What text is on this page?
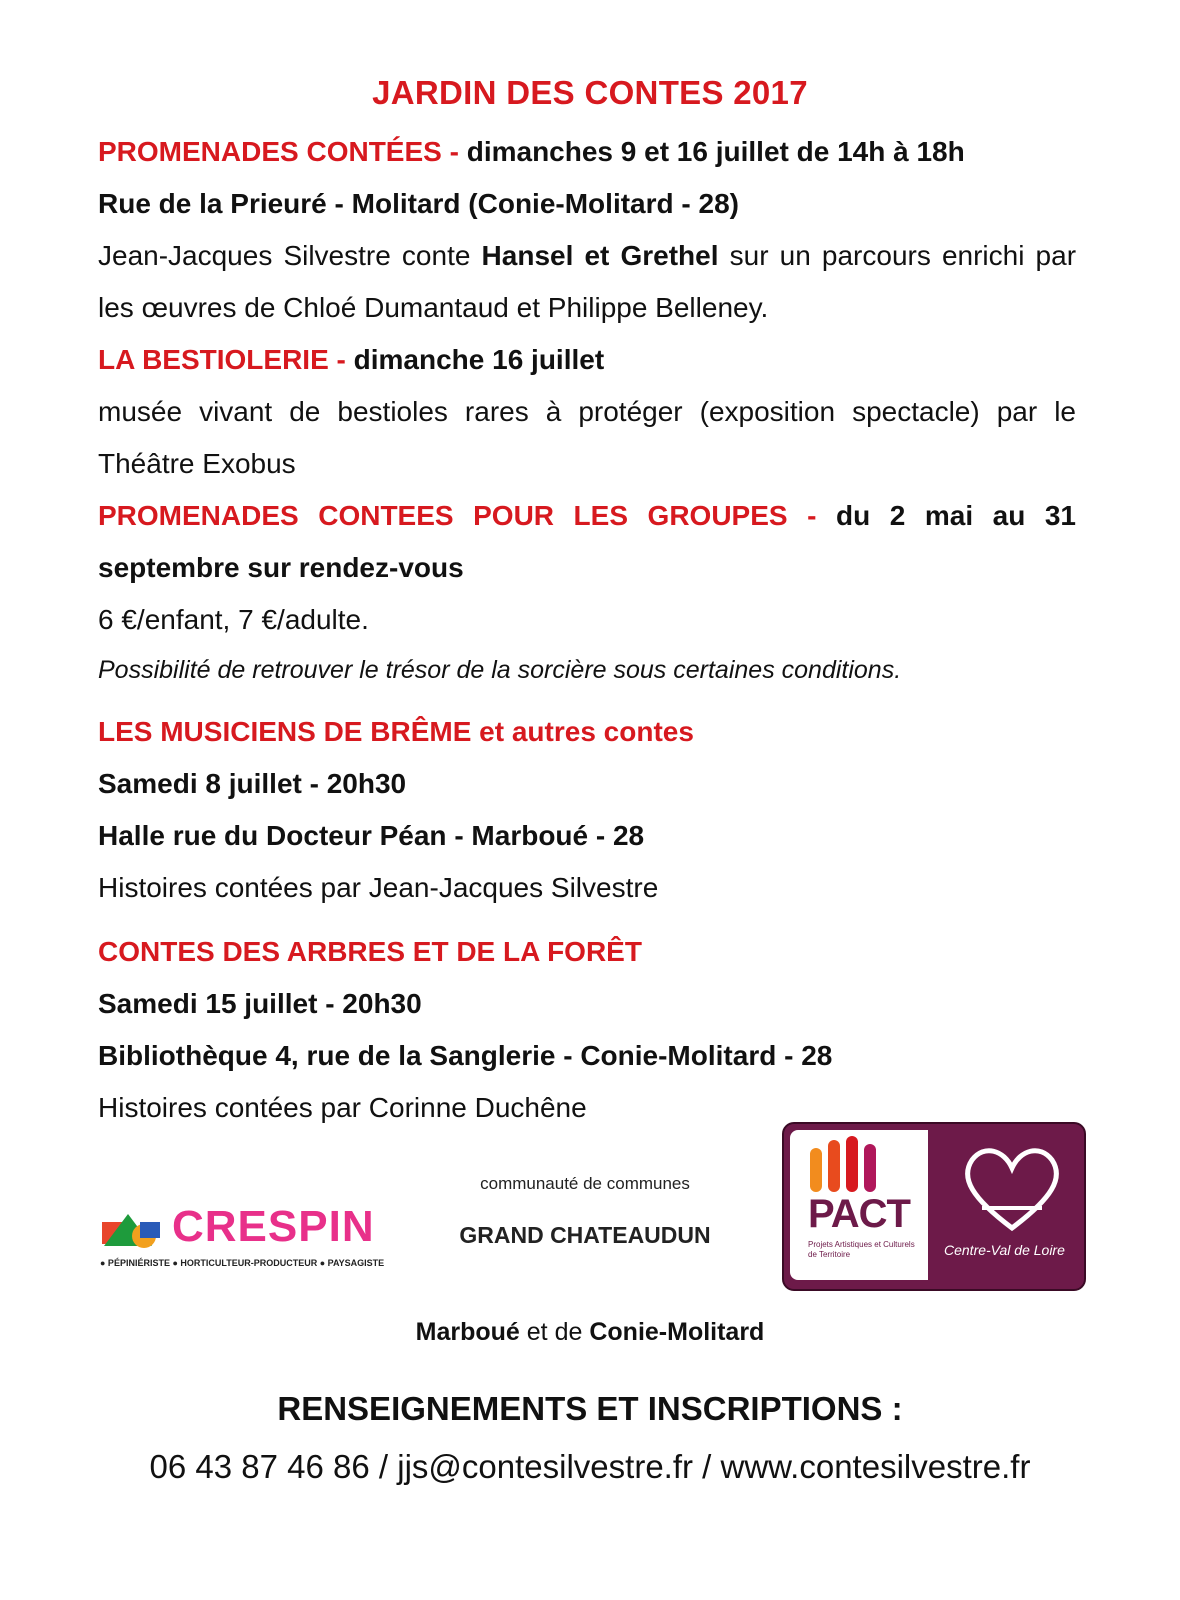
JARDIN DES CONTES 2017

PROMENADES CONTÉES - dimanches 9 et 16 juillet de 14h à 18h

Rue de la Prieuré - Molitard (Conie-Molitard - 28)

Jean-Jacques Silvestre conte Hansel et Grethel sur un parcours enrichi par les œuvres de Chloé Dumantaud et Philippe Belleney.

LA BESTIOLERIE - dimanche 16 juillet

musée vivant de bestioles rares à protéger (exposition spectacle) par le Théâtre Exobus

PROMENADES CONTEES POUR LES GROUPES - du 2 mai au 31 septembre sur rendez-vous

6 €/enfant, 7 €/adulte.

Possibilité de retrouver le trésor de la sorcière sous certaines conditions.

LES MUSICIENS DE BRÊME et autres contes

Samedi 8 juillet - 20h30

Halle rue du Docteur Péan - Marboué - 28

Histoires contées par Jean-Jacques Silvestre

CONTES DES ARBRES ET DE LA FORÊT

Samedi 15 juillet - 20h30

Bibliothèque 4, rue de la Sanglerie - Conie-Molitard - 28

Histoires contées par Corinne Duchêne

CRESPIN
● PÉPINIÉRISTE ● HORTICULTEUR-PRODUCTEUR ● PAYSAGISTE
communauté de communes
GRAND CHATEAUDUN	PACT
Projets Artistiques et Culturels de Territoire	Centre-Val de Loire
Marboué et de Conie-Molitard
RENSEIGNEMENTS ET INSCRIPTIONS :
06 43 87 46 86 / jjs@contesilvestre.fr / www.contesilvestre.fr
